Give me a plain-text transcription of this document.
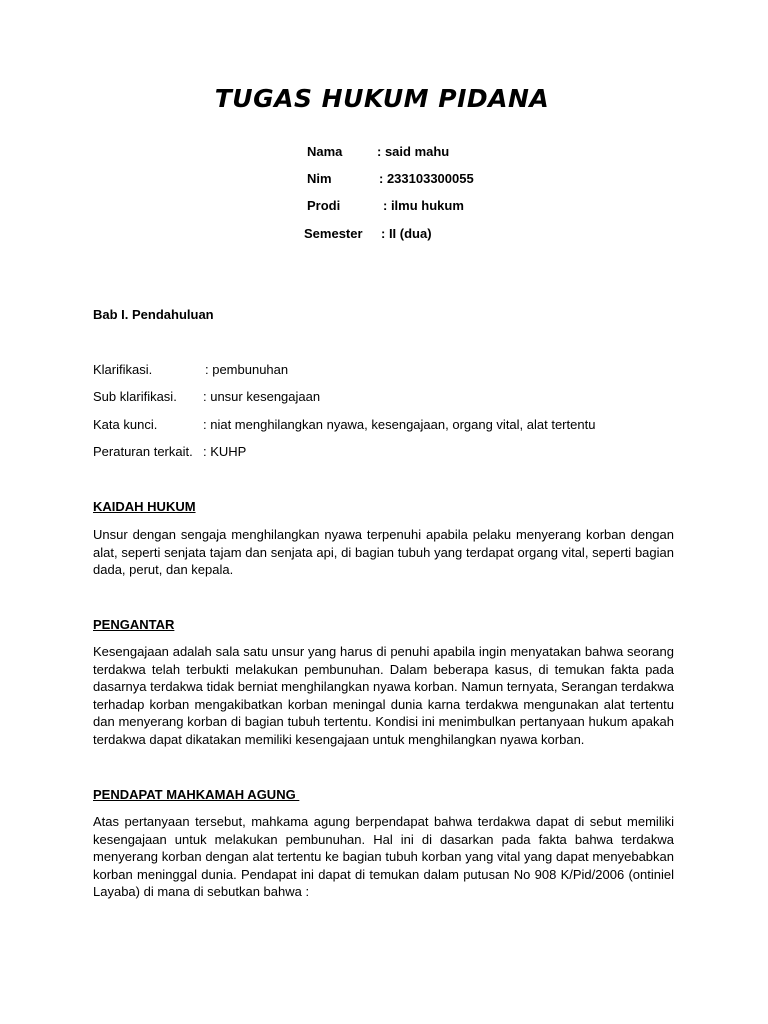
TUGAS HUKUM PIDANA

Nama

	: said mahu

Nim

	: 233103300055

Prodi

	: ilmu hukum

Semester

: II (dua)

Bab I. Pendahuluan

Klarifikasi.

	: pembunuhan

Sub klarifikasi.

: unsur kesengajaan

Kata kunci.

	: niat menghilangkan nyawa, kesengajaan, organg vital, alat tertentu

Peraturan terkait.

: KUHP

KAIDAH HUKUM
Unsur dengan sengaja menghilangkan nyawa terpenuhi apabila pelaku menyerang korban dengan alat, seperti senjata tajam dan senjata api, di bagian tubuh yang terdapat organg vital, seperti bagian dada, perut, dan kepala.
PENGANTAR
Kesengajaan adalah sala satu unsur yang harus di penuhi apabila ingin menyatakan bahwa seorang terdakwa telah terbukti melakukan pembunuhan. Dalam beberapa kasus, di temukan fakta pada dasarnya terdakwa tidak berniat menghilangkan nyawa korban. Namun ternyata, Serangan terdakwa terhadap korban mengakibatkan korban meningal dunia karna terdakwa mengunakan alat tertentu dan menyerang korban di bagian tubuh tertentu. Kondisi ini menimbulkan pertanyaan hukum apakah terdakwa dapat dikatakan memiliki kesengajaan untuk menghilangkan nyawa korban.
PENDAPAT MAHKAMAH AGUNG
Atas pertanyaan tersebut, mahkama agung berpendapat bahwa terdakwa dapat di sebut memiliki kesengajaan untuk melakukan pembunuhan. Hal ini di dasarkan pada fakta bahwa terdakwa menyerang korban dengan alat tertentu ke bagian tubuh korban yang vital yang dapat menyebabkan korban meninggal dunia. Pendapat ini dapat di temukan dalam putusan No 908 K/Pid/2006 (ontiniel Layaba) di mana di sebutkan bahwa :
